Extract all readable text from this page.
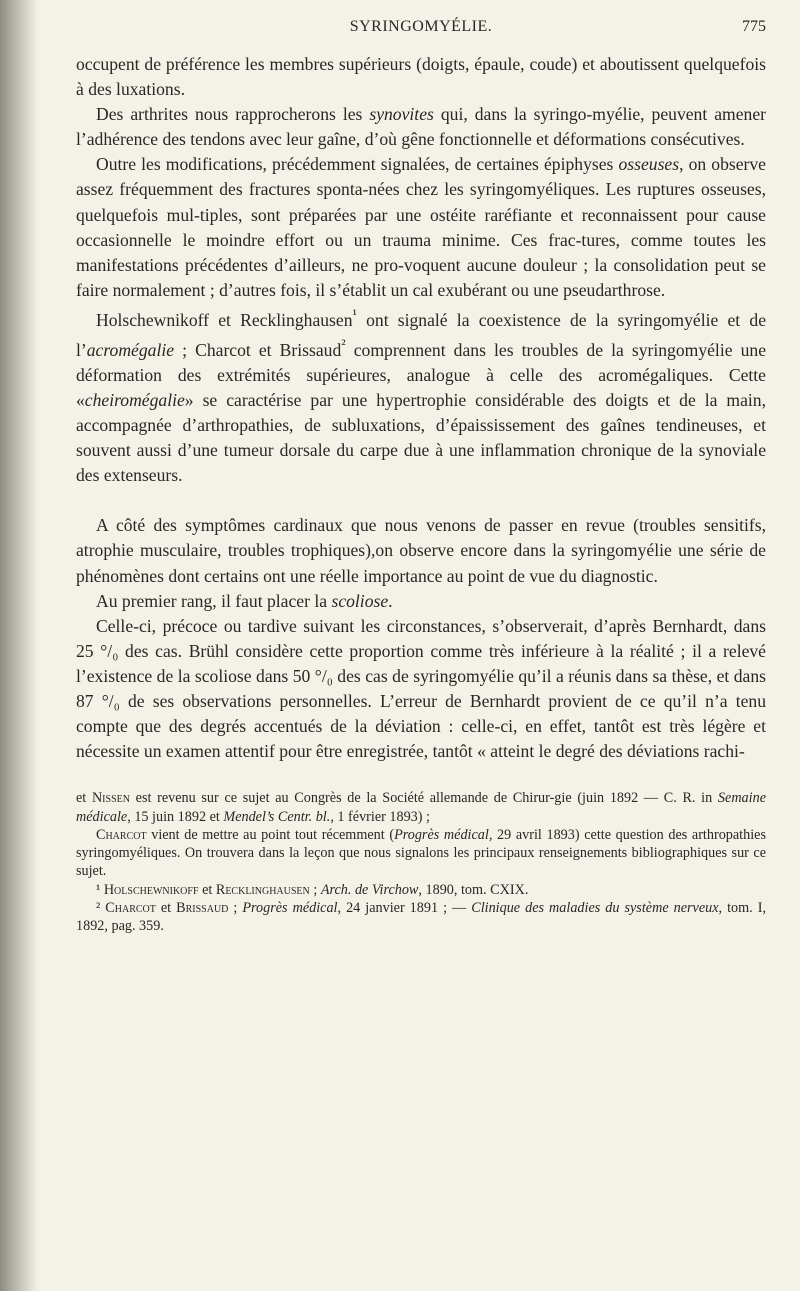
SYRINGOMYÉLIE.	775

occupent de préférence les membres supérieurs (doigts, épaule, coude) et aboutissent quelquefois à des luxations.

Des arthrites nous rapprocherons les synovites qui, dans la syringo-myélie, peuvent amener l’adhérence des tendons avec leur gaîne, d’où gêne fonctionnelle et déformations consécutives.

Outre les modifications, précédemment signalées, de certaines épiphyses osseuses, on observe assez fréquemment des fractures sponta-nées chez les syringomyéliques. Les ruptures osseuses, quelquefois mul-tiples, sont préparées par une ostéite raréfiante et reconnaissent pour cause occasionnelle le moindre effort ou un trauma minime. Ces frac-tures, comme toutes les manifestations précédentes d’ailleurs, ne pro-voquent aucune douleur ; la consolidation peut se faire normalement ; d’autres fois, il s’établit un cal exubérant ou une pseudarthrose.

Holschewnikoff et Recklinghausen$^{^1}$ ont signalé la coexistence de la syringomyélie et de l’acromégalie ; Charcot et Brissaud$^{^2}$ comprennent dans les troubles de la syringomyélie une déformation des extrémités supérieures, analogue à celle des acromégaliques. Cette «cheiromégalie» se caractérise par une hypertrophie considérable des doigts et de la main, accompagnée d’arthropathies, de subluxations, d’épaississement des gaînes tendineuses, et souvent aussi d’une tumeur dorsale du carpe due à une inflammation chronique de la synoviale des extenseurs.

A côté des symptômes cardinaux que nous venons de passer en revue (troubles sensitifs, atrophie musculaire, troubles trophiques),on observe encore dans la syringomyélie une série de phénomènes dont certains ont une réelle importance au point de vue du diagnostic.

Au premier rang, il faut placer la scoliose.

Celle-ci, précoce ou tardive suivant les circonstances, s’observerait, d’après Bernhardt, dans 25 °/₀ des cas. Brühl considère cette proportion comme très inférieure à la réalité ; il a relevé l’existence de la scoliose dans 50 °/₀ des cas de syringomyélie qu’il a réunis dans sa thèse, et dans 87 °/₀ de ses observations personnelles. L’erreur de Bernhardt provient de ce qu’il n’a tenu compte que des degrés accentués de la déviation : celle-ci, en effet, tantôt est très légère et nécessite un examen attentif pour être enregistrée, tantôt « atteint le degré des déviations rachi-

et Nissen est revenu sur ce sujet au Congrès de la Société allemande de Chirur-gie (juin 1892 — C. R. in Semaine médicale, 15 juin 1892 et Mendel’s Centr. bl., 1 février 1893) ;

Charcot vient de mettre au point tout récemment (Progrès médical, 29 avril 1893) cette question des arthropathies syringomyéliques. On trouvera dans la leçon que nous signalons les principaux renseignements bibliographiques sur ce sujet.

¹ Holschewnikoff et Recklinghausen ; Arch. de Virchow, 1890, tom. CXIX.

² Charcot et Brissaud ; Progrès médical, 24 janvier 1891 ; — Clinique des maladies du système nerveux, tom. I, 1892, pag. 359.
